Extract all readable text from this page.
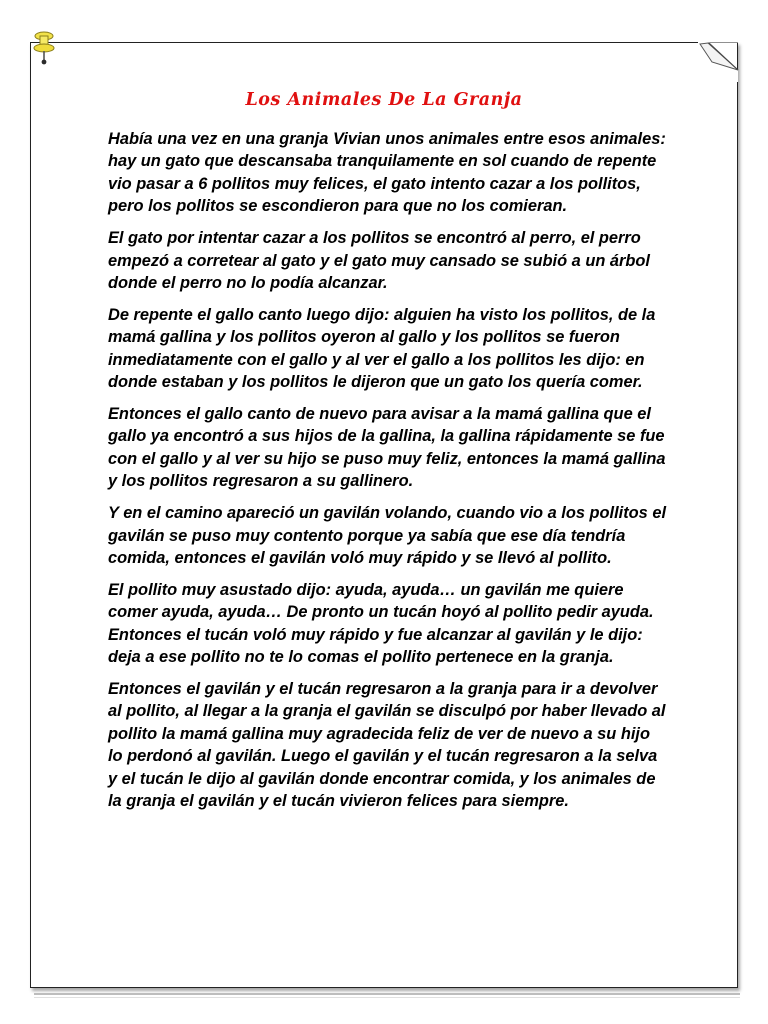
Los Animales De La Granja

Había una vez en una granja Vivian unos animales entre esos animales: hay un gato que descansaba tranquilamente en sol cuando de repente vio pasar a 6 pollitos muy felices, el gato intento cazar a los pollitos, pero los pollitos se escondieron para que no los comieran.

El gato por intentar cazar a los pollitos se encontró al perro, el perro empezó a corretear al gato y el gato muy cansado se subió a un árbol donde el perro no lo podía alcanzar.

De repente el gallo canto luego dijo: alguien ha visto los pollitos, de la mamá gallina y los pollitos oyeron al gallo y los pollitos se fueron inmediatamente con el gallo y al ver el gallo a los pollitos les dijo: en donde estaban y los pollitos le dijeron que un gato los quería comer.

Entonces el gallo canto de nuevo para avisar a la mamá gallina que el gallo ya encontró a sus hijos de la gallina, la gallina rápidamente se fue con el gallo y al ver su hijo se puso muy feliz, entonces la mamá gallina y los pollitos regresaron a su gallinero.

Y en el camino apareció un gavilán volando, cuando vio a los pollitos el gavilán se puso muy contento porque ya sabía que ese día tendría comida, entonces el gavilán voló muy rápido y se llevó al pollito.

El pollito muy asustado dijo: ayuda, ayuda… un gavilán me quiere comer ayuda, ayuda… De pronto un tucán hoyó al pollito pedir ayuda. Entonces el tucán voló muy rápido y fue alcanzar al gavilán y le dijo: deja a ese pollito no te lo comas el pollito pertenece en la granja.

Entonces el gavilán y el tucán regresaron a la granja para ir a devolver al pollito, al llegar a la granja el gavilán se disculpó por haber llevado al pollito la mamá gallina muy agradecida feliz de ver de nuevo a su hijo lo perdonó al gavilán. Luego el gavilán y el tucán regresaron a la selva y el tucán le dijo al gavilán donde encontrar comida, y los animales de la granja el gavilán y el tucán vivieron felices para siempre.
